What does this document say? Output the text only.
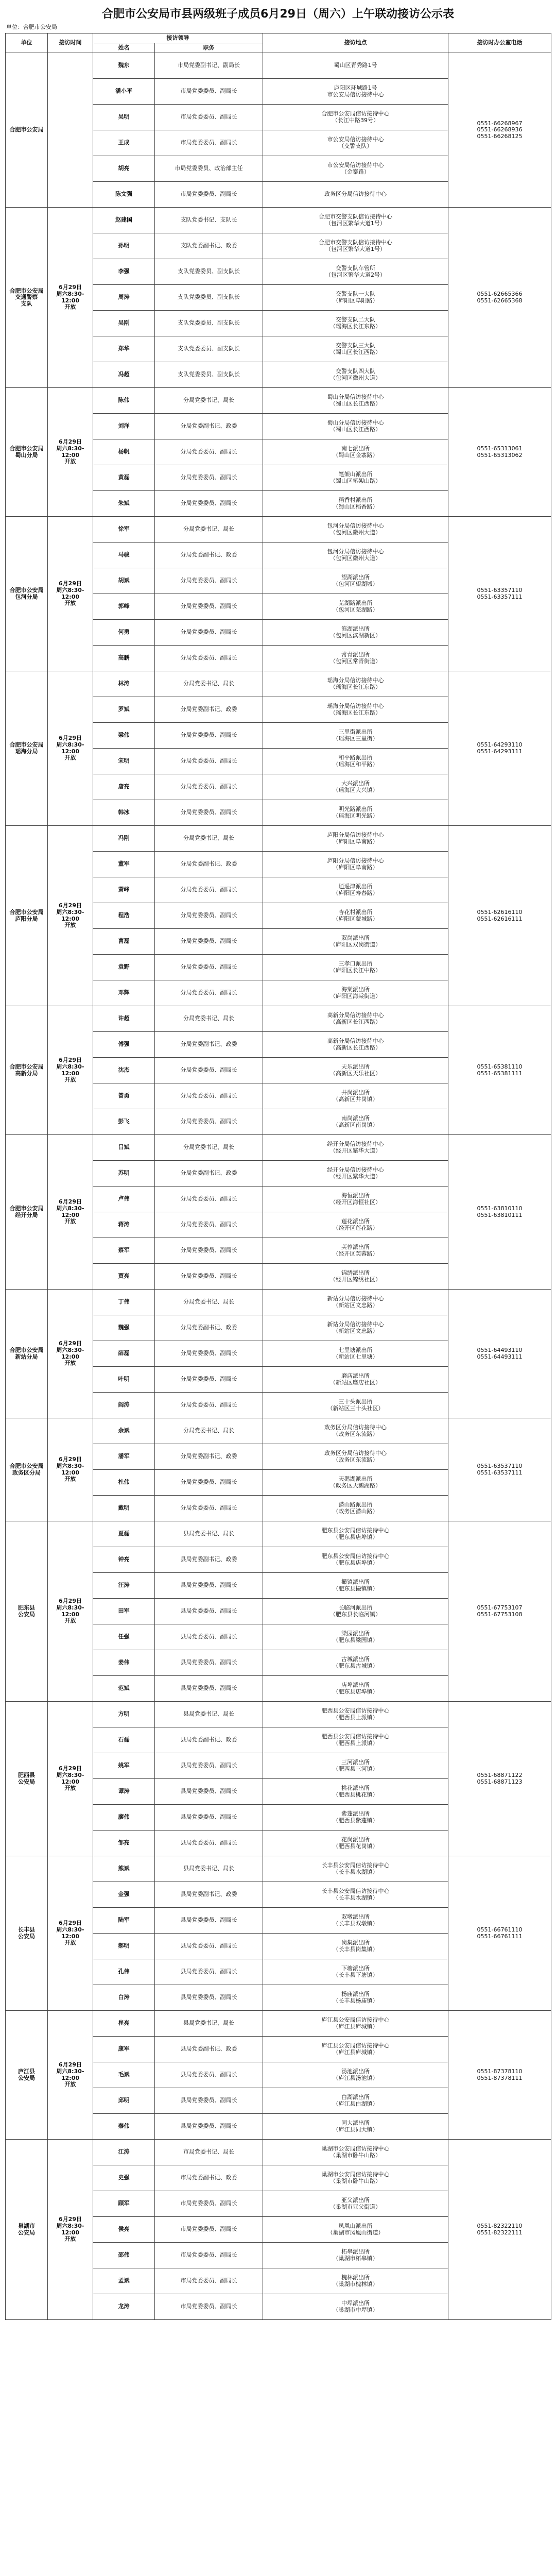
合肥市公安局市县两级班子成员6月29日（周六）上午联动接访公示表
单位：合肥市公安局
单位	接访时间	接访领导		接访地点	接访时办公室电话
		姓名	职务		
合肥市公安局		魏东	市局党委副书记、副局长	蜀山区青秀路1号	0551-66268967
0551-66268936
0551-66268125
		潘小平	市局党委委员、副局长	庐阳区环城路1号
市公安局信访接待中心	
		吴明	市局党委委员、副局长	合肥市公安局信访接待中心
（长江中路39号）	
		王成	市局党委委员、副局长	市公安局信访接待中心
（交警支队）	
		胡亮	市局党委委员、政治部主任	市公安局信访接待中心
（金寨路）	
		陈文强	市局党委委员、副局长	政务区分局信访接待中心	
合肥市公安局
交通警察
支队	6月29日
周六8:30-
12:00
开放	赵建国	支队党委书记、支队长	合肥市交警支队信访接待中心
（包河区繁华大道1号）	0551-62665366
0551-62665368
		孙明	支队党委副书记、政委	合肥市交警支队信访接待中心
（包河区繁华大道1号）	
		李强	支队党委委员、副支队长	交警支队车管所
（包河区繁华大道2号）	
		周涛	支队党委委员、副支队长	交警支队一大队
（庐阳区阜阳路）	
		吴刚	支队党委委员、副支队长	交警支队二大队
（瑶海区长江东路）	
		郑华	支队党委委员、副支队长	交警支队三大队
（蜀山区长江西路）	
		冯超	支队党委委员、副支队长	交警支队四大队
（包河区徽州大道）	
合肥市公安局
蜀山分局	6月29日
周六8:30-
12:00
开放	陈伟	分局党委书记、局长	蜀山分局信访接待中心
（蜀山区长江西路）	0551-65313061
0551-65313062
		刘洋	分局党委副书记、政委	蜀山分局信访接待中心
（蜀山区长江西路）	
		杨帆	分局党委委员、副局长	南七派出所
（蜀山区金寨路）	
		黄磊	分局党委委员、副局长	笔架山派出所
（蜀山区笔架山路）	
		朱斌	分局党委委员、副局长	稻香村派出所
（蜀山区稻香路）	
合肥市公安局
包河分局	6月29日
周六8:30-
12:00
开放	徐军	分局党委书记、局长	包河分局信访接待中心
（包河区徽州大道）	0551-63357110
0551-63357111
		马骏	分局党委副书记、政委	包河分局信访接待中心
（包河区徽州大道）	
		胡斌	分局党委委员、副局长	望湖派出所
（包河区望湖城）	
		郭峰	分局党委委员、副局长	芜湖路派出所
（包河区芜湖路）	
		何勇	分局党委委员、副局长	滨湖派出所
（包河区滨湖新区）	
		高鹏	分局党委委员、副局长	常青派出所
（包河区常青街道）	
合肥市公安局
瑶海分局	6月29日
周六8:30-
12:00
开放	林涛	分局党委书记、局长	瑶海分局信访接待中心
（瑶海区长江东路）	0551-64293110
0551-64293111
		罗斌	分局党委副书记、政委	瑶海分局信访接待中心
（瑶海区长江东路）	
		梁伟	分局党委委员、副局长	三里街派出所
（瑶海区三里街）	
		宋明	分局党委委员、副局长	和平路派出所
（瑶海区和平路）	
		唐亮	分局党委委员、副局长	大兴派出所
（瑶海区大兴镇）	
		韩冰	分局党委委员、副局长	明光路派出所
（瑶海区明光路）	
合肥市公安局
庐阳分局	6月29日
周六8:30-
12:00
开放	冯刚	分局党委书记、局长	庐阳分局信访接待中心
（庐阳区阜南路）	0551-62616110
0551-62616111
		董军	分局党委副书记、政委	庐阳分局信访接待中心
（庐阳区阜南路）	
		萧峰	分局党委委员、副局长	逍遥津派出所
（庐阳区寿春路）	
		程浩	分局党委委员、副局长	杏花村派出所
（庐阳区蒙城路）	
		曹磊	分局党委委员、副局长	双岗派出所
（庐阳区双岗街道）	
		袁野	分局党委委员、副局长	三孝口派出所
（庐阳区长江中路）	
		邓辉	分局党委委员、副局长	海棠派出所
（庐阳区海棠街道）	
合肥市公安局
高新分局	6月29日
周六8:30-
12:00
开放	许超	分局党委书记、局长	高新分局信访接待中心
（高新区长江西路）	0551-65381110
0551-65381111
		傅强	分局党委副书记、政委	高新分局信访接待中心
（高新区长江西路）	
		沈杰	分局党委委员、副局长	天乐派出所
（高新区天乐社区）	
		曾勇	分局党委委员、副局长	井岗派出所
（高新区井岗镇）	
		彭飞	分局党委委员、副局长	南岗派出所
（高新区南岗镇）	
合肥市公安局
经开分局	6月29日
周六8:30-
12:00
开放	吕斌	分局党委书记、局长	经开分局信访接待中心
（经开区繁华大道）	0551-63810110
0551-63810111
		苏明	分局党委副书记、政委	经开分局信访接待中心
（经开区繁华大道）	
		卢伟	分局党委委员、副局长	海恒派出所
（经开区海恒社区）	
		蒋涛	分局党委委员、副局长	莲花派出所
（经开区莲花路）	
		蔡军	分局党委委员、副局长	芙蓉派出所
（经开区芙蓉路）	
		贾亮	分局党委委员、副局长	锦绣派出所
（经开区锦绣社区）	
合肥市公安局
新站分局	6月29日
周六8:30-
12:00
开放	丁伟	分局党委书记、局长	新站分局信访接待中心
（新站区文忠路）	0551-64493110
0551-64493111
		魏强	分局党委副书记、政委	新站分局信访接待中心
（新站区文忠路）	
		薛磊	分局党委委员、副局长	七里塘派出所
（新站区七里塘）	
		叶明	分局党委委员、副局长	磨店派出所
（新站区磨店社区）	
		阎涛	分局党委委员、副局长	三十头派出所
（新站区三十头社区）	
合肥市公安局
政务区分局	6月29日
周六8:30-
12:00
开放	余斌	分局党委书记、局长	政务区分局信访接待中心
（政务区东流路）	0551-63537110
0551-63537111
		潘军	分局党委副书记、政委	政务区分局信访接待中心
（政务区东流路）	
		杜伟	分局党委委员、副局长	天鹅湖派出所
（政务区天鹅湖路）	
		戴明	分局党委委员、副局长	潜山路派出所
（政务区潜山路）	
肥东县
公安局	6月29日
周六8:30-
12:00
开放	夏磊	县局党委书记、局长	肥东县公安局信访接待中心
（肥东县店埠镇）	0551-67753107
0551-67753108
		钟亮	县局党委副书记、政委	肥东县公安局信访接待中心
（肥东县店埠镇）	
		汪涛	县局党委委员、副局长	撮镇派出所
（肥东县撮镇镇）	
		田军	县局党委委员、副局长	长临河派出所
（肥东县长临河镇）	
		任强	县局党委委员、副局长	梁园派出所
（肥东县梁园镇）	
		姜伟	县局党委委员、副局长	古城派出所
（肥东县古城镇）	
		范斌	县局党委委员、副局长	店埠派出所
（肥东县店埠镇）	
肥西县
公安局	6月29日
周六8:30-
12:00
开放	方明	县局党委书记、局长	肥西县公安局信访接待中心
（肥西县上派镇）	0551-68871122
0551-68871123
		石磊	县局党委副书记、政委	肥西县公安局信访接待中心
（肥西县上派镇）	
		姚军	县局党委委员、副局长	三河派出所
（肥西县三河镇）	
		谭涛	县局党委委员、副局长	桃花派出所
（肥西县桃花镇）	
		廖伟	县局党委委员、副局长	紫蓬派出所
（肥西县紫蓬镇）	
		邹亮	县局党委委员、副局长	花岗派出所
（肥西县花岗镇）	
长丰县
公安局	6月29日
周六8:30-
12:00
开放	熊斌	县局党委书记、局长	长丰县公安局信访接待中心
（长丰县水湖镇）	0551-66761110
0551-66761111
		金强	县局党委副书记、政委	长丰县公安局信访接待中心
（长丰县水湖镇）	
		陆军	县局党委委员、副局长	双墩派出所
（长丰县双墩镇）	
		郝明	县局党委委员、副局长	岗集派出所
（长丰县岗集镇）	
		孔伟	县局党委委员、副局长	下塘派出所
（长丰县下塘镇）	
		白涛	县局党委委员、副局长	杨庙派出所
（长丰县杨庙镇）	
庐江县
公安局	6月29日
周六8:30-
12:00
开放	崔亮	县局党委书记、局长	庐江县公安局信访接待中心
（庐江县庐城镇）	0551-87378110
0551-87378111
		康军	县局党委副书记、政委	庐江县公安局信访接待中心
（庐江县庐城镇）	
		毛斌	县局党委委员、副局长	汤池派出所
（庐江县汤池镇）	
		邱明	县局党委委员、副局长	白湖派出所
（庐江县白湖镇）	
		秦伟	县局党委委员、副局长	同大派出所
（庐江县同大镇）	
巢湖市
公安局	6月29日
周六8:30-
12:00
开放	江涛	市局党委书记、局长	巢湖市公安局信访接待中心
（巢湖市卧牛山路）	0551-82322110
0551-82322111
		史强	市局党委副书记、政委	巢湖市公安局信访接待中心
（巢湖市卧牛山路）	
		顾军	市局党委委员、副局长	亚父派出所
（巢湖市亚父街道）	
		侯亮	市局党委委员、副局长	凤凰山派出所
（巢湖市凤凰山街道）	
		邵伟	市局党委委员、副局长	柘皋派出所
（巢湖市柘皋镇）	
		孟斌	市局党委委员、副局长	槐林派出所
（巢湖市槐林镇）	
		龙涛	市局党委委员、副局长	中垾派出所
（巢湖市中垾镇）	
